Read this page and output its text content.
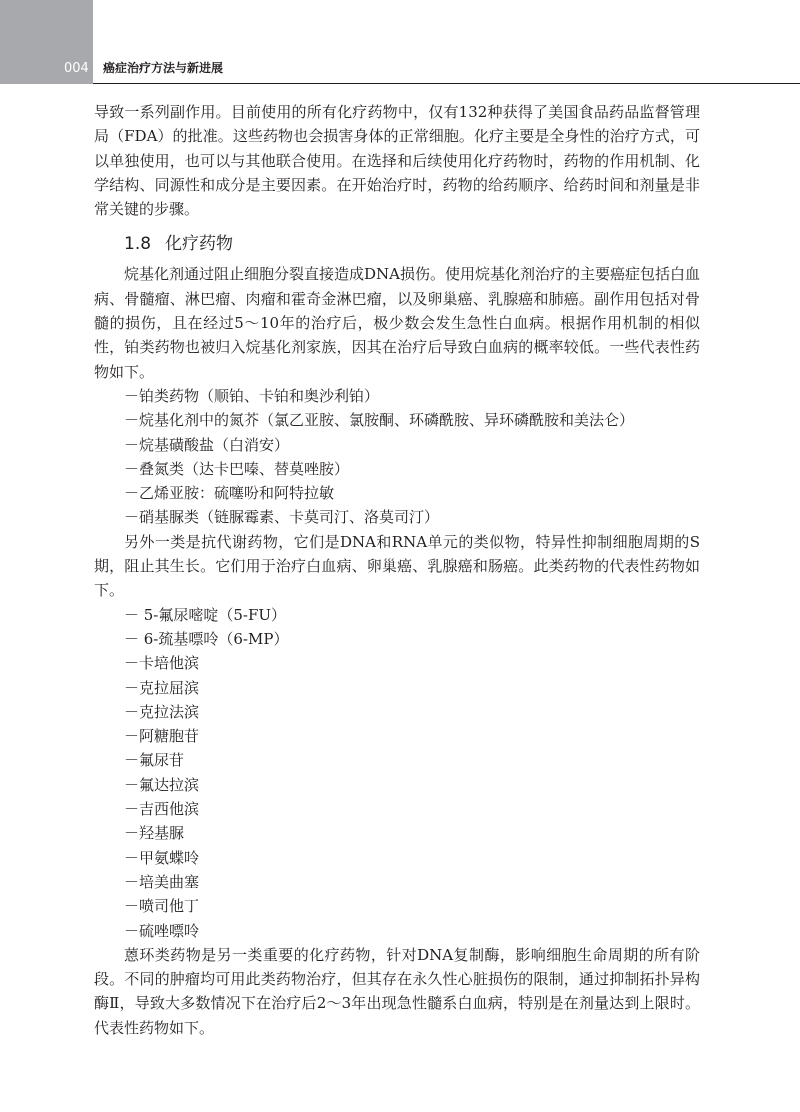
004 癌症治疗方法与新进展

导致一系列副作用。目前使用的所有化疗药物中，仅有132种获得了美国食品药品监督管理局（FDA）的批准。这些药物也会损害身体的正常细胞。化疗主要是全身性的治疗方式，可以单独使用，也可以与其他联合使用。在选择和后续使用化疗药物时，药物的作用机制、化学结构、同源性和成分是主要因素。在开始治疗时，药物的给药顺序、给药时间和剂量是非常关键的步骤。

1.8 化疗药物

烷基化剂通过阻止细胞分裂直接造成DNA损伤。使用烷基化剂治疗的主要癌症包括白血病、骨髓瘤、淋巴瘤、肉瘤和霍奇金淋巴瘤，以及卵巢癌、乳腺癌和肺癌。副作用包括对骨髓的损伤，且在经过5～10年的治疗后，极少数会发生急性白血病。根据作用机制的相似性，铂类药物也被归入烷基化剂家族，因其在治疗后导致白血病的概率较低。一些代表性药物如下。

－铂类药物（顺铂、卡铂和奥沙利铂）
－烷基化剂中的氮芥（氯乙亚胺、氯胺酮、环磷酰胺、异环磷酰胺和美法仑）
－烷基磺酸盐（白消安）
－叠氮类（达卡巴嗪、替莫唑胺）
－乙烯亚胺：硫噻吩和阿特拉敏
－硝基脲类（链脲霉素、卡莫司汀、洛莫司汀）

另外一类是抗代谢药物，它们是DNA和RNA单元的类似物，特异性抑制细胞周期的S期，阻止其生长。它们用于治疗白血病、卵巢癌、乳腺癌和肠癌。此类药物的代表性药物如下。

－ 5-氟尿嘧啶（5-FU）
－ 6-巯基嘌呤（6-MP）
－卡培他滨
－克拉屈滨
－克拉法滨
－阿糖胞苷
－氟尿苷
－氟达拉滨
－吉西他滨
－羟基脲
－甲氨蝶呤
－培美曲塞
－喷司他丁
－硫唑嘌呤

蒽环类药物是另一类重要的化疗药物，针对DNA复制酶，影响细胞生命周期的所有阶段。不同的肿瘤均可用此类药物治疗，但其存在永久性心脏损伤的限制，通过抑制拓扑异构酶Ⅱ，导致大多数情况下在治疗后2～3年出现急性髓系白血病，特别是在剂量达到上限时。代表性药物如下。
